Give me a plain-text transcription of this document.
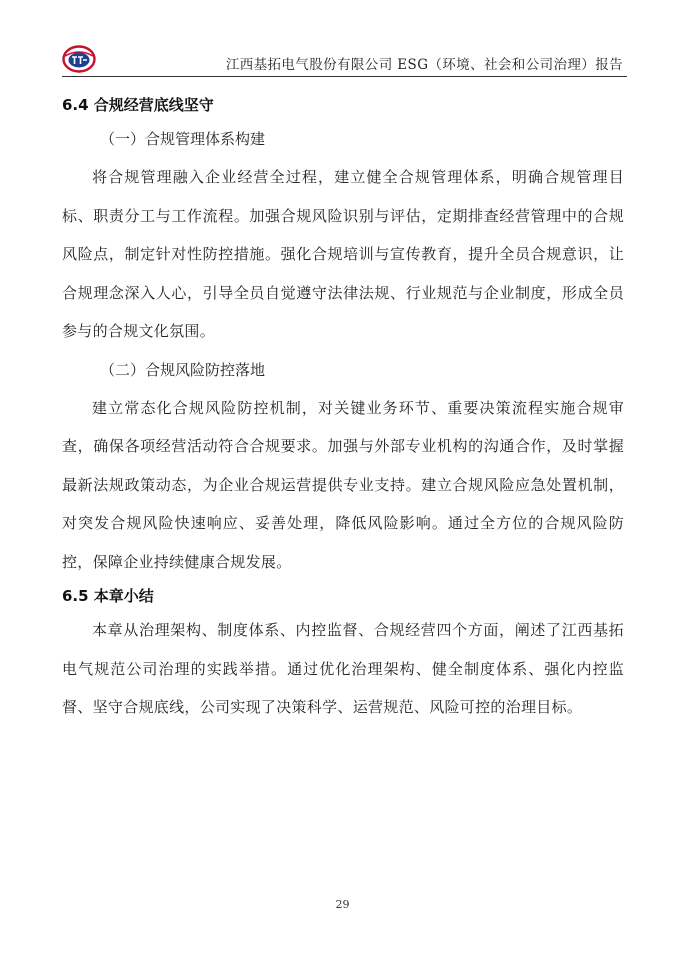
江西基拓电气股份有限公司 ESG（环境、社会和公司治理）报告
6.4 合规经营底线坚守
（一）合规管理体系构建

将合规管理融入企业经营全过程，建立健全合规管理体系，明确合规管理目标、职责分工与工作流程。加强合规风险识别与评估，定期排查经营管理中的合规风险点，制定针对性防控措施。强化合规培训与宣传教育，提升全员合规意识，让合规理念深入人心，引导全员自觉遵守法律法规、行业规范与企业制度，形成全员参与的合规文化氛围。

（二）合规风险防控落地

建立常态化合规风险防控机制，对关键业务环节、重要决策流程实施合规审查，确保各项经营活动符合合规要求。加强与外部专业机构的沟通合作，及时掌握最新法规政策动态，为企业合规运营提供专业支持。建立合规风险应急处置机制，对突发合规风险快速响应、妥善处理，降低风险影响。通过全方位的合规风险防控，保障企业持续健康合规发展。

6.5 本章小结

本章从治理架构、制度体系、内控监督、合规经营四个方面，阐述了江西基拓电气规范公司治理的实践举措。通过优化治理架构、健全制度体系、强化内控监督、坚守合规底线，公司实现了决策科学、运营规范、风险可控的治理目标。

29
